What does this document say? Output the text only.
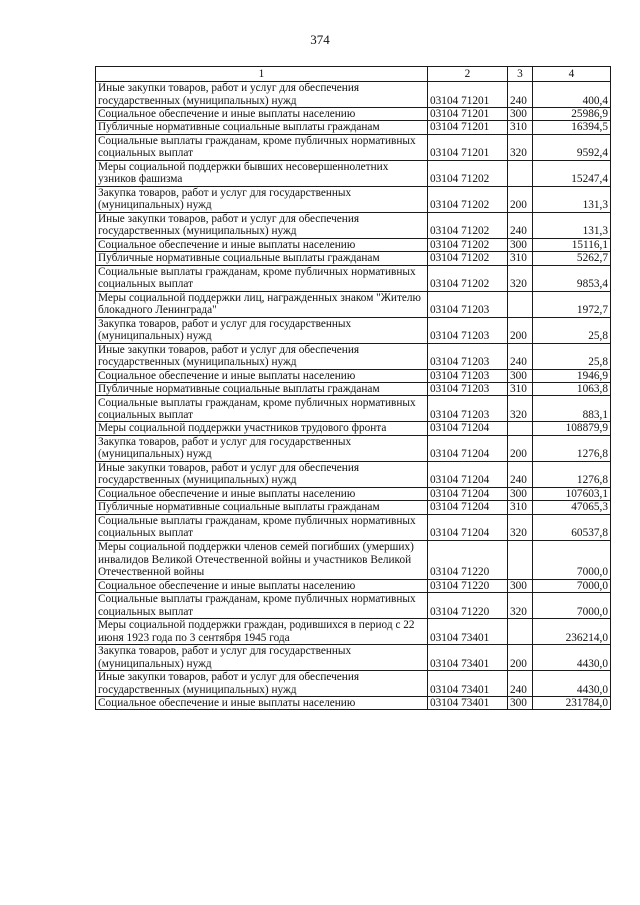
374
1	2	3	4
Иные закупки товаров, работ и услуг для обеспечения государственных (муниципальных) нужд	03104 71201	240	400,4
Социальное обеспечение и иные выплаты населению	03104 71201	300	25986,9
Публичные нормативные социальные выплаты гражданам	03104 71201	310	16394,5
Социальные выплаты гражданам, кроме публичных нормативных социальных выплат	03104 71201	320	9592,4
Меры социальной поддержки бывших несовершеннолетних узников фашизма	03104 71202		15247,4
Закупка товаров, работ и услуг для государственных (муниципальных) нужд	03104 71202	200	131,3
Иные закупки товаров, работ и услуг для обеспечения государственных (муниципальных) нужд	03104 71202	240	131,3
Социальное обеспечение и иные выплаты населению	03104 71202	300	15116,1
Публичные нормативные социальные выплаты гражданам	03104 71202	310	5262,7
Социальные выплаты гражданам, кроме публичных нормативных социальных выплат	03104 71202	320	9853,4
Меры социальной поддержки лиц, награжденных знаком "Жителю блокадного Ленинграда"	03104 71203		1972,7
Закупка товаров, работ и услуг для государственных (муниципальных) нужд	03104 71203	200	25,8
Иные закупки товаров, работ и услуг для обеспечения государственных (муниципальных) нужд	03104 71203	240	25,8
Социальное обеспечение и иные выплаты населению	03104 71203	300	1946,9
Публичные нормативные социальные выплаты гражданам	03104 71203	310	1063,8
Социальные выплаты гражданам, кроме публичных нормативных социальных выплат	03104 71203	320	883,1
Меры социальной поддержки участников трудового фронта	03104 71204		108879,9
Закупка товаров, работ и услуг для государственных (муниципальных) нужд	03104 71204	200	1276,8
Иные закупки товаров, работ и услуг для обеспечения государственных (муниципальных) нужд	03104 71204	240	1276,8
Социальное обеспечение и иные выплаты населению	03104 71204	300	107603,1
Публичные нормативные социальные выплаты гражданам	03104 71204	310	47065,3
Социальные выплаты гражданам, кроме публичных нормативных социальных выплат	03104 71204	320	60537,8
Меры социальной поддержки членов семей погибших (умерших) инвалидов Великой Отечественной войны и участников Великой Отечественной войны	03104 71220		7000,0
Социальное обеспечение и иные выплаты населению	03104 71220	300	7000,0
Социальные выплаты гражданам, кроме публичных нормативных социальных выплат	03104 71220	320	7000,0
Меры социальной поддержки граждан, родившихся в период с 22 июня 1923 года по 3 сентября 1945 года	03104 73401		236214,0
Закупка товаров, работ и услуг для государственных (муниципальных) нужд	03104 73401	200	4430,0
Иные закупки товаров, работ и услуг для обеспечения государственных (муниципальных) нужд	03104 73401	240	4430,0
Социальное обеспечение и иные выплаты населению	03104 73401	300	231784,0
